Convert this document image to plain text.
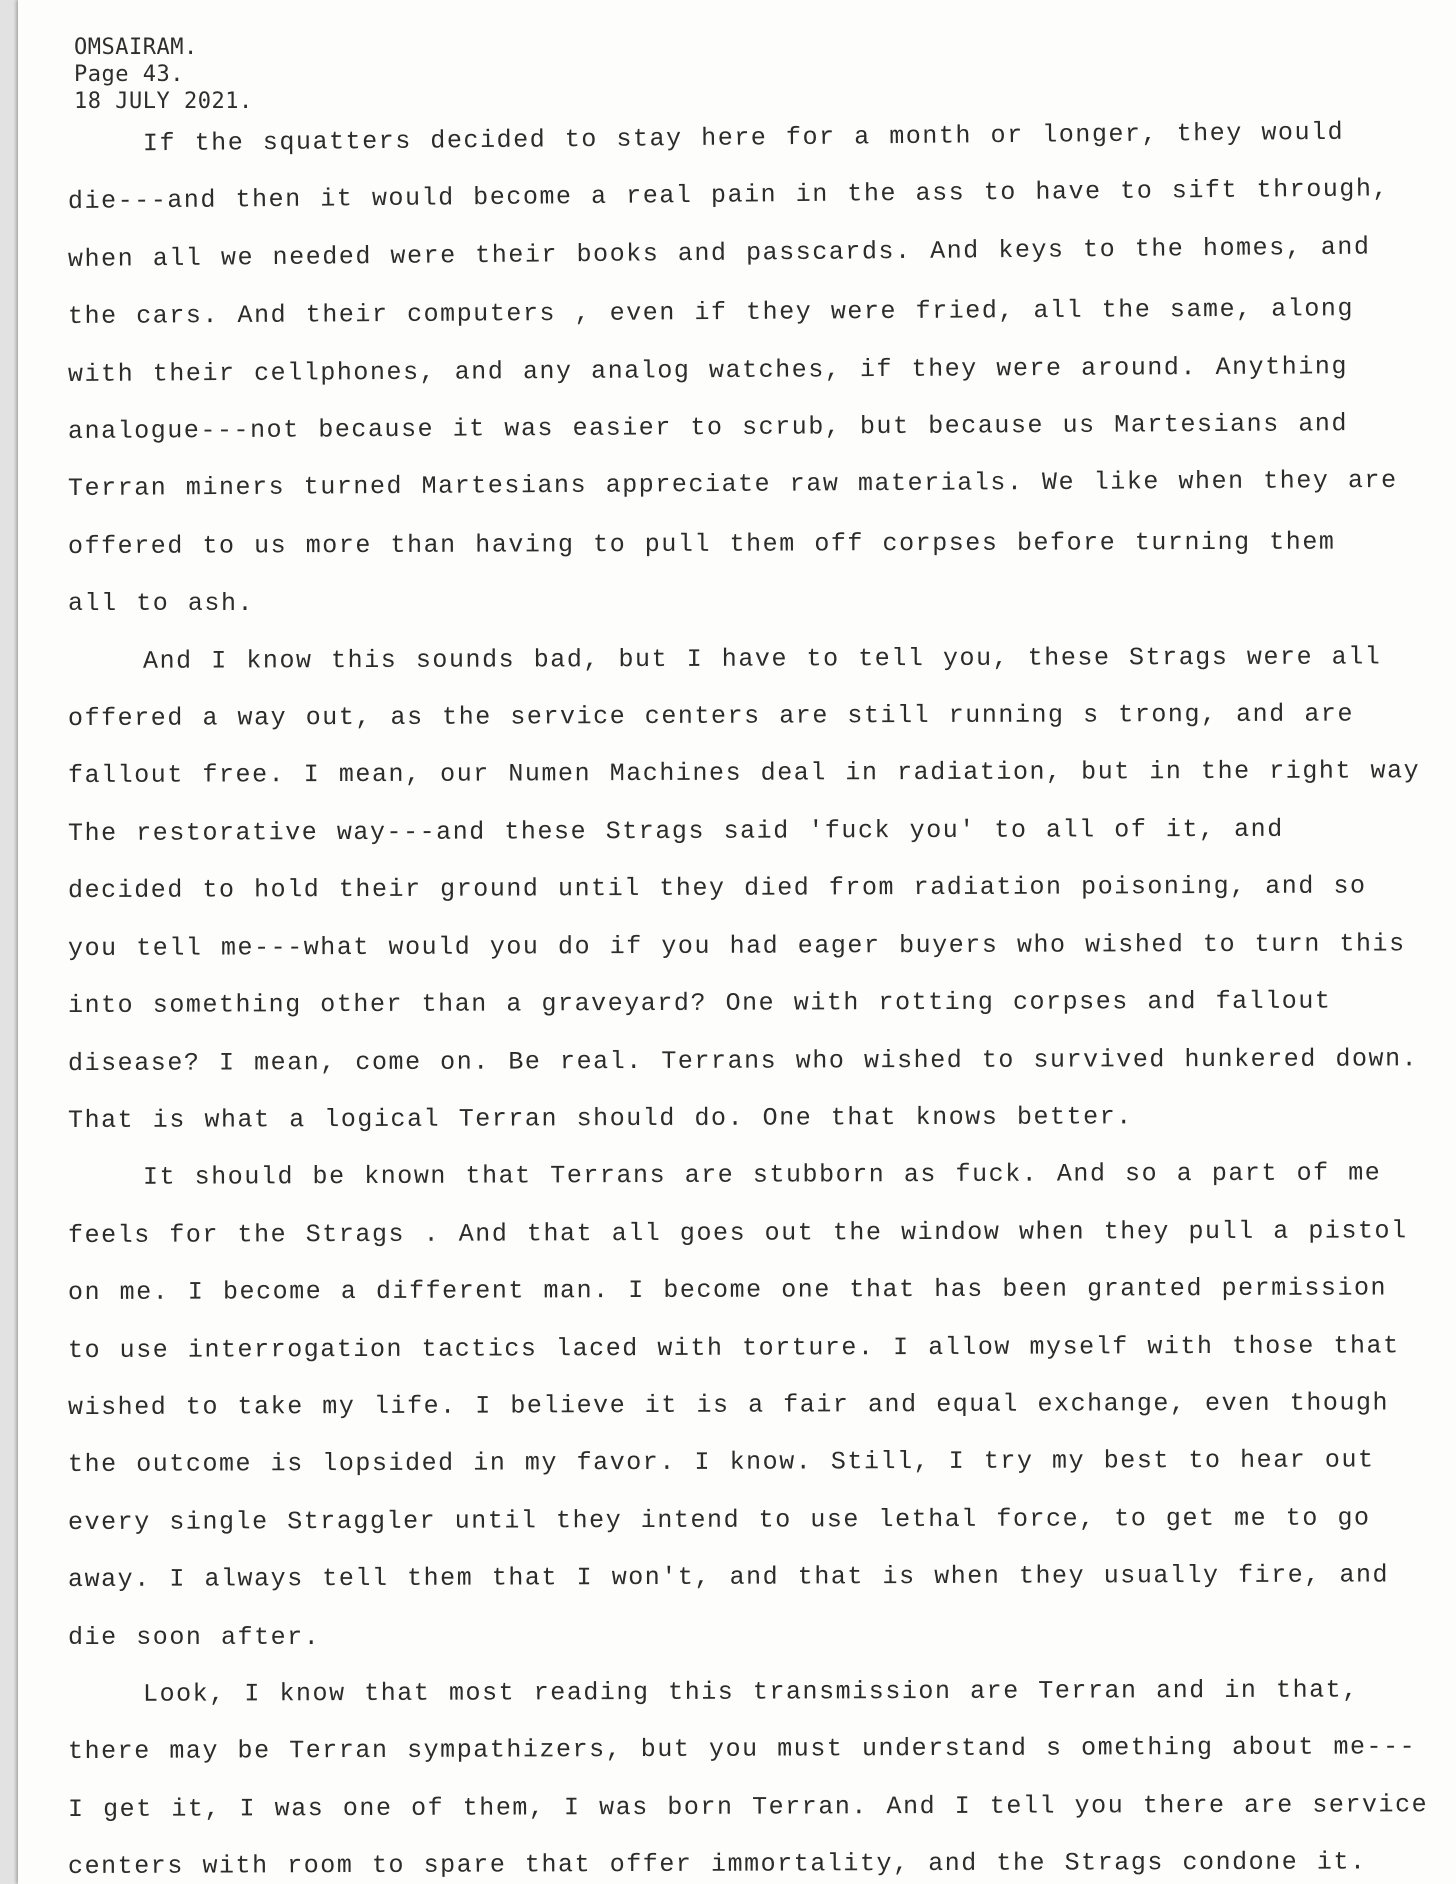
OMSAIRAM.
Page 43.
18 JULY 2021.
If the squatters decided to stay here for a month or longer, they would
die---and then it would become a real pain in the ass to have to sift through,
when all we needed were their books and passcards. And keys to the homes, and
the cars. And their computers , even if they were fried, all the same, along
with their cellphones, and any analog watches, if they were around. Anything
analogue---not because it was easier to scrub, but because us Martesians and
Terran miners turned Martesians appreciate raw materials. We like when they are
offered to us more than having to pull them off corpses before turning them
all to ash.
And I know this sounds bad, but I have to tell you, these Strags were all
offered a way out, as the service centers are still running s trong, and are
fallout free. I mean, our Numen Machines deal in radiation, but in the right way
The restorative way---and these Strags said 'fuck you' to all of it, and
decided to hold their ground until they died from radiation poisoning, and so
you tell me---what would you do if you had eager buyers who wished to turn this
into something other than a graveyard? One with rotting corpses and fallout
disease? I mean, come on. Be real. Terrans who wished to survived hunkered down.
That is what a logical Terran should do. One that knows better.
It should be known that Terrans are stubborn as fuck. And so a part of me
feels for the Strags . And that all goes out the window when they pull a pistol
on me. I become a different man. I become one that has been granted permission
to use interrogation tactics laced with torture. I allow myself with those that
wished to take my life. I believe it is a fair and equal exchange, even though
the outcome is lopsided in my favor. I know. Still, I try my best to hear out
every single Straggler until they intend to use lethal force, to get me to go
away. I always tell them that I won't, and that is when they usually fire, and
die soon after.
Look, I know that most reading this transmission are Terran and in that,
there may be Terran sympathizers, but you must understand s omething about me---
I get it, I was one of them, I was born Terran. And I tell you there are service
centers with room to spare that offer immortality, and the Strags condone it.
